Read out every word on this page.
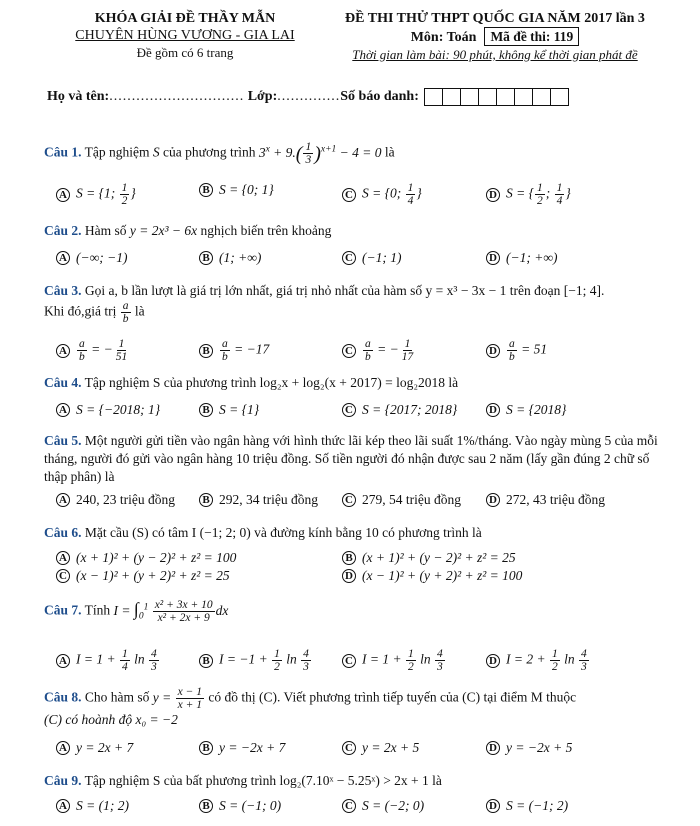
KHÓA GIẢI ĐỀ THẦY MẪN
CHUYÊN HÙNG VƯƠNG - GIA LAI
Đề gồm có 6 trang
ĐỀ THI THỬ THPT QUỐC GIA NĂM 2017 lần 3
Môn: Toán Mã đề thi: 119
Thời gian làm bài: 90 phút, không kể thời gian phát đề
Họ và tên:.............................. Lớp:..............Số báo danh:
Câu 1. Tập nghiệm S của phương trình $3^x + 9.( \frac{1}{3} )^{x+1} - 4 = 0$ là
A S = {1; $\frac{1}{2}$ }	B S = {0; 1}	C S = {0; $\frac{1}{4}$ }	D S = { $\frac{1}{2}$ ; $\frac{1}{4}$ }
Câu 2. Hàm số y = 2x³ − 6x nghịch biến trên khoảng
A (−∞; −1)	B (1; +∞)	C (−1; 1)	D (−1; +∞)
Câu 3. Gọi a, b lần lượt là giá trị lớn nhất, giá trị nhỏ nhất của hàm số y = x³ − 3x − 1 trên đoạn [−1; 4].
Khi đó,giá trị $\frac{a}{b}$ là
A $\frac{a}{b}$ = − $\frac{1}{51}$	B $\frac{a}{b} = -17$	C $\frac{a}{b}$ = − $\frac{1}{17}$	D $\frac{a}{b} = 51$
Câu 4. Tập nghiệm S của phương trình log₂x + log₂(x + 2017) = log₂2018 là
A S = {−2018; 1}	B S = {1}	C S = {2017; 2018}	D S = {2018}
Câu 5. Một người gửi tiền vào ngân hàng với hình thức lãi kép theo lãi suất 1%/tháng. Vào ngày mùng 5 của mỗi tháng, người đó gửi vào ngân hàng 10 triệu đồng. Số tiền người đó nhận được sau 2 năm (lấy gần đúng 2 chữ số thập phân) là
A 240, 23 triệu đồng	B 292, 34 triệu đồng C 279, 54 triệu đồng	D 272, 43 triệu đồng
Câu 6. Mặt cầu (S) có tâm I (−1; 2; 0) và đường kính bằng 10 có phương trình là
A (x + 1)² + (y − 2)² + z² = 100	B (x + 1)² + (y − 2)² + z² = 25
C (x − 1)² + (y + 2)² + z² = 25	D (x − 1)² + (y + 2)² + z² = 100
Câu 7. Tính $I = \int_0^1 \frac{\text{x² + 3x + 10}}{\text{x² + 2x + 9}}$ dx
A $I = 1 + \frac{1}{4}$ $\ln \frac{4}{3}$	B $I = -1 + \frac{1}{2}$ $\ln \frac{4}{3}$	C $I = 1 + \frac{1}{2}$ $\ln \frac{4}{3}$	D $I = 2 + \frac{1}{2}$ $\ln \frac{4}{3}$
Câu 8. Cho hàm số $y = \frac{x - 1}{x + 1}$ có đồ thị (C). Viết phương trình tiếp tuyến của (C) tại điểm M thuộc
(C) có hoành độ x₀ = −2
A y = 2x + 7	B y = −2x + 7	C y = 2x + 5	D y = −2x + 5
Câu 9. Tập nghiệm S của bất phương trình log₂(7.10ˣ − 5.25ˣ) > 2x + 1 là
A S = (1; 2)	B S = (−1; 0)	C S = (−2; 0)	D S = (−1; 2)
